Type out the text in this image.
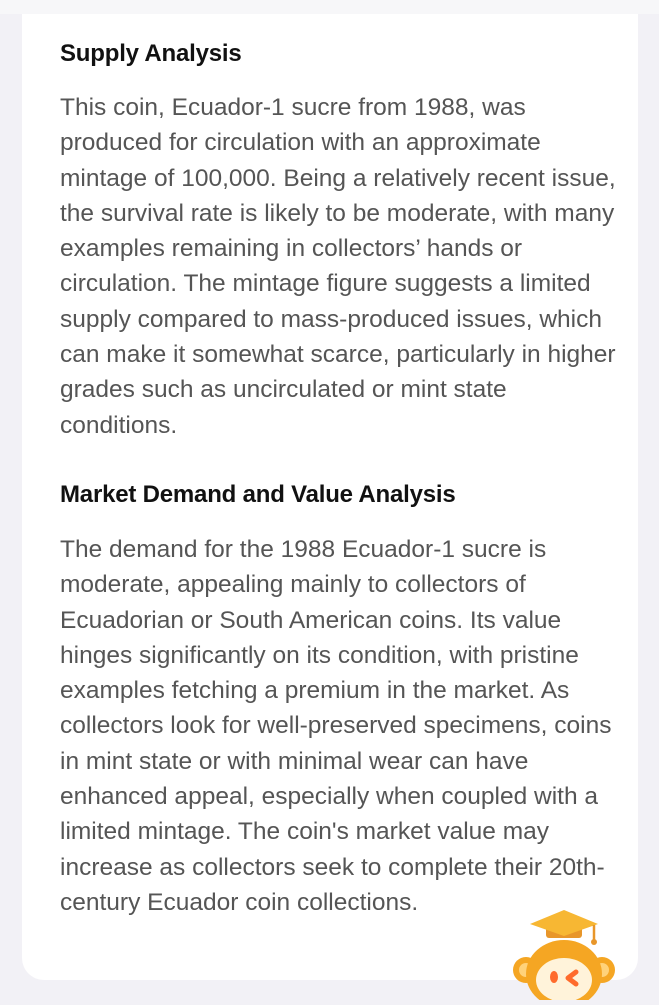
Supply Analysis

This coin, Ecuador-1 sucre from 1988, was produced for circulation with an approximate mintage of 100,000. Being a relatively recent issue, the survival rate is likely to be moderate, with many examples remaining in collectors’ hands or circulation. The mintage figure suggests a limited supply compared to mass-produced issues, which can make it somewhat scarce, particularly in higher grades such as uncirculated or mint state conditions.

Market Demand and Value Analysis

The demand for the 1988 Ecuador-1 sucre is moderate, appealing mainly to collectors of Ecuadorian or South American coins. Its value hinges significantly on its condition, with pristine examples fetching a premium in the market. As collectors look for well-preserved specimens, coins in mint state or with minimal wear can have enhanced appeal, especially when coupled with a limited mintage. The coin's market value may increase as collectors seek to complete their 20th-century Ecuador coin collections.
